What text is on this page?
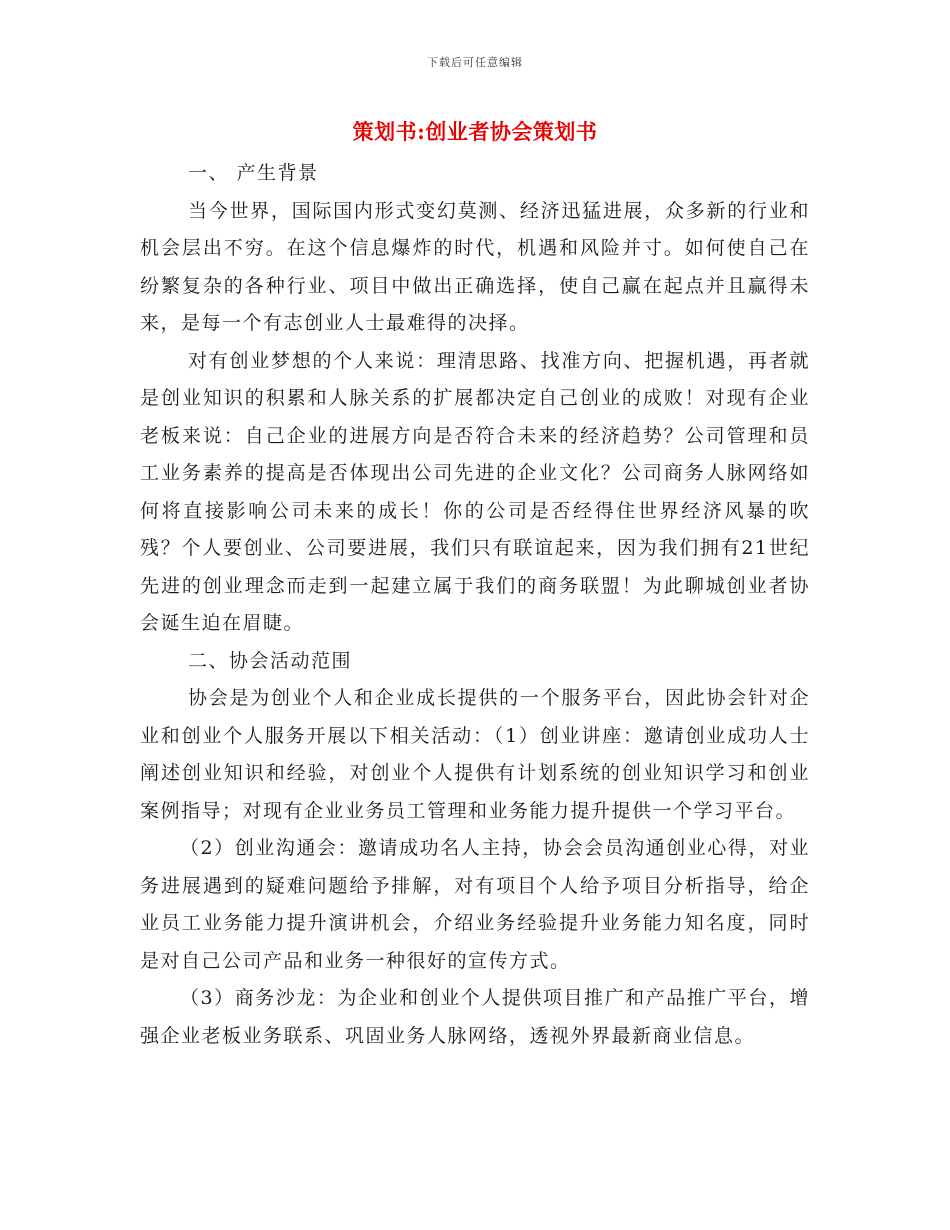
下载后可任意编辑
策划书:创业者协会策划书

一、 产生背景

当今世界，国际国内形式变幻莫测、经济迅猛进展，众多新的行业和机会层出不穷。在这个信息爆炸的时代，机遇和风险并寸。如何使自己在纷繁复杂的各种行业、项目中做出正确选择，使自己赢在起点并且赢得未来，是每一个有志创业人士最难得的决择。

对有创业梦想的个人来说：理清思路、找准方向、把握机遇，再者就是创业知识的积累和人脉关系的扩展都决定自己创业的成败！对现有企业老板来说：自己企业的进展方向是否符合未来的经济趋势？公司管理和员工业务素养的提高是否体现出公司先进的企业文化？公司商务人脉网络如何将直接影响公司未来的成长！你的公司是否经得住世界经济风暴的吹残？个人要创业、公司要进展，我们只有联谊起来，因为我们拥有21世纪先进的创业理念而走到一起建立属于我们的商务联盟！为此聊城创业者协会诞生迫在眉睫。

二、协会活动范围

协会是为创业个人和企业成长提供的一个服务平台，因此协会针对企业和创业个人服务开展以下相关活动：（1）创业讲座：邀请创业成功人士阐述创业知识和经验，对创业个人提供有计划系统的创业知识学习和创业案例指导；对现有企业业务员工管理和业务能力提升提供一个学习平台。

（2）创业沟通会：邀请成功名人主持，协会会员沟通创业心得，对业务进展遇到的疑难问题给予排解，对有项目个人给予项目分析指导，给企业员工业务能力提升演讲机会，介绍业务经验提升业务能力知名度，同时是对自己公司产品和业务一种很好的宣传方式。

（3）商务沙龙：为企业和创业个人提供项目推广和产品推广平台，增强企业老板业务联系、巩固业务人脉网络，透视外界最新商业信息。
